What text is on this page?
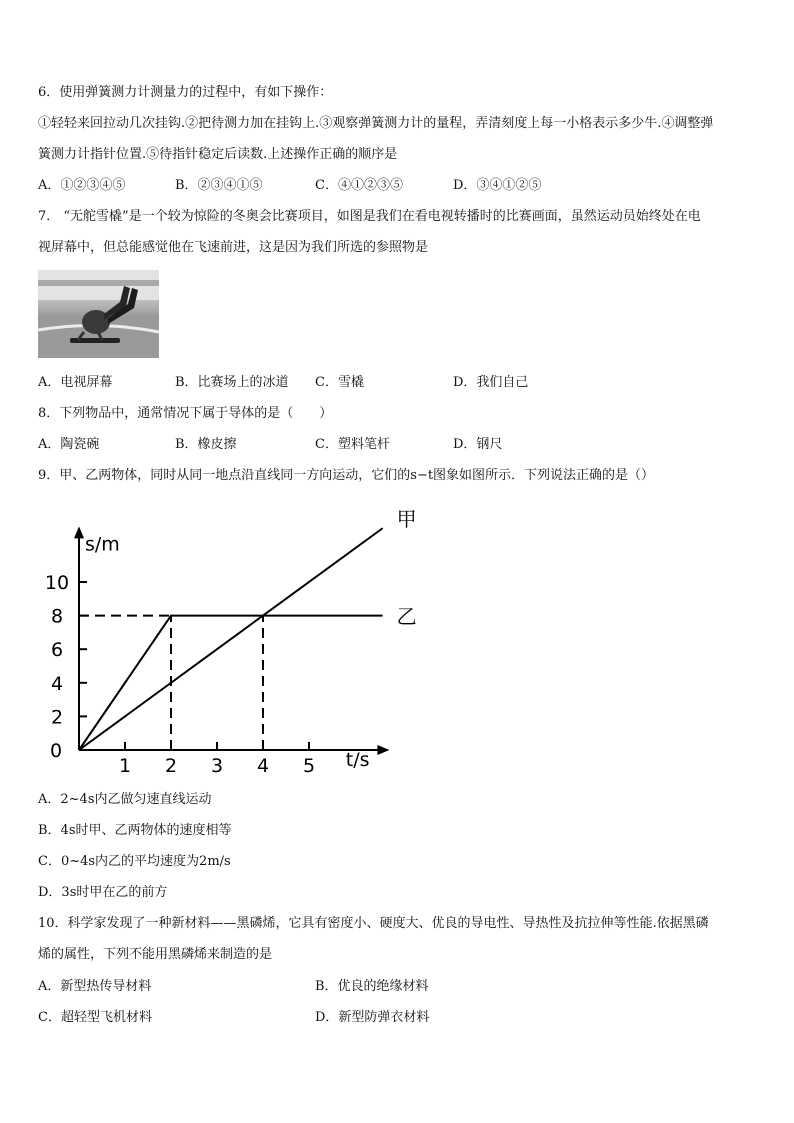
6．使用弹簧测力计测量力的过程中，有如下操作：
①轻轻来回拉动几次挂钩.②把待测力加在挂钩上.③观察弹簧测力计的量程，弄清刻度上每一小格表示多少牛.④调整弹
簧测力计指针位置.⑤待指针稳定后读数.上述操作正确的顺序是
A．①②③④⑤	B．②③④①⑤	C．④①②③⑤	D．③④①②⑤
7． “无舵雪橇”是一个较为惊险的冬奥会比赛项目，如图是我们在看电视转播时的比赛画面，虽然运动员始终处在电
视屏幕中，但总能感觉他在飞速前进，这是因为我们所选的参照物是
A．电视屏幕	B．比赛场上的冰道 C．雪橇	D．我们自己
8．下列物品中，通常情况下属于导体的是（　　）
A．陶瓷碗	B．橡皮擦	C．塑料笔杆	D．钢尺
9．甲、乙两物体，同时从同一地点沿直线同一方向运动，它们的s−t图象如图所示．下列说法正确的是（）
1 2 3 4 5
2
4
6
8
10
s/m
t/s
0
甲
乙
A．2~4s内乙做匀速直线运动
B．4s时甲、乙两物体的速度相等
C．0~4s内乙的平均速度为2m/s
D．3s时甲在乙的前方
10．科学家发现了一种新材料——黑磷烯，它具有密度小、硬度大、优良的导电性、导热性及抗拉伸等性能.依据黑磷
烯的属性，下列不能用黑磷烯来制造的是
A．新型热传导材料	B．优良的绝缘材料
C．超轻型飞机材料	D．新型防弹衣材料
